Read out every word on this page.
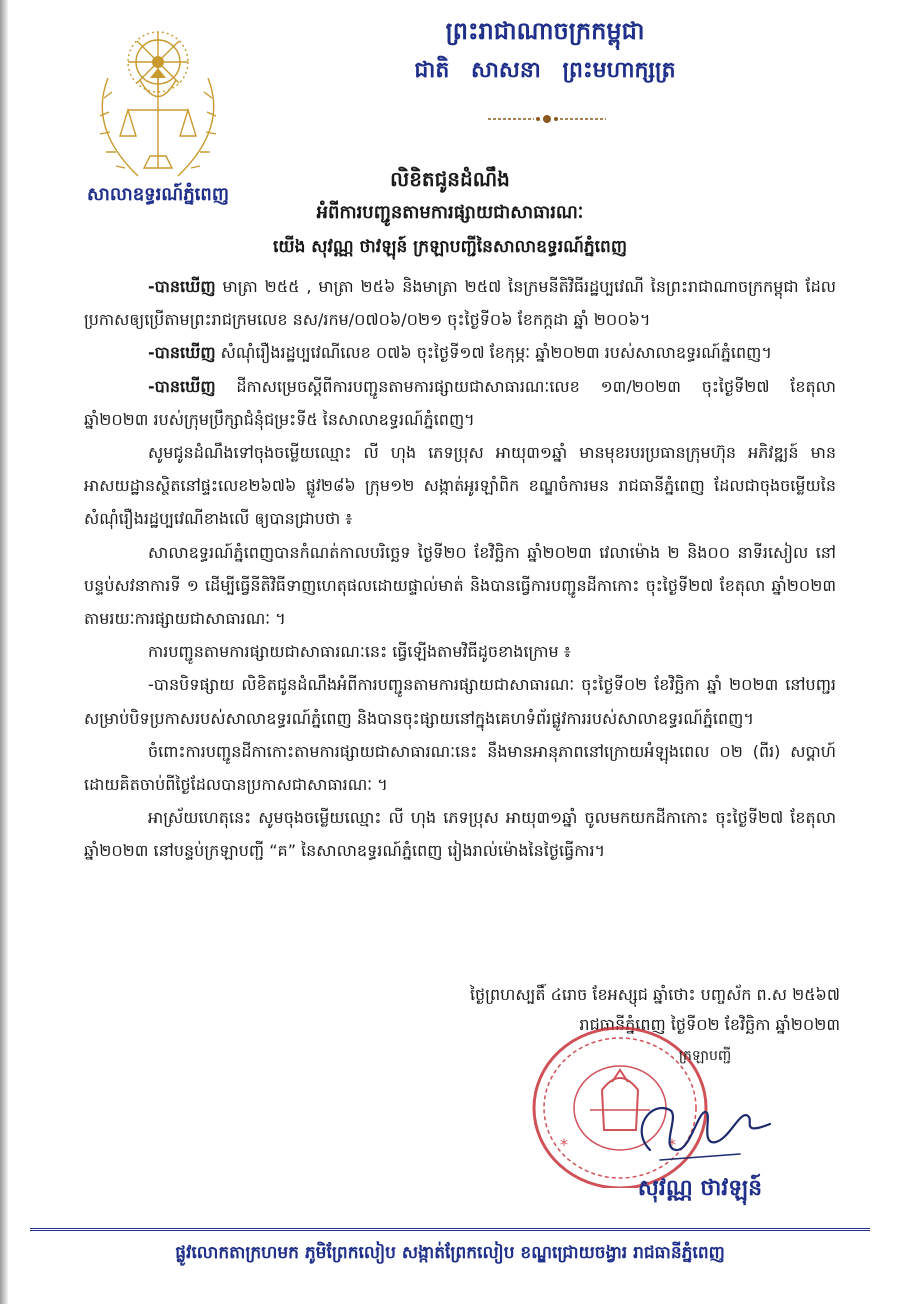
សាលាឧទ្ធរណ៍ភ្នំពេញ
ព្រះរាជាណាចក្រកម្ពុជា
ជាតិ សាសនា ព្រះមហាក្សត្រ
លិខិតជូនដំណឹង
អំពីការបញ្ជូនតាមការផ្សាយជាសាធារណៈ
យើង សុវណ្ណ ថាវឡុន៍ ក្រឡាបញ្ជីនៃសាលាឧទ្ធរណ៍ភ្នំពេញ

-បានឃើញ មាត្រា ២៥៥ , មាត្រា ២៥៦ និងមាត្រា ២៥៧ នៃក្រមនីតិវិធីរដ្ឋប្បវេណី នៃព្រះរាជាណាចក្រកម្ពុជា ដែលប្រកាសឲ្យប្រើតាមព្រះរាជក្រមលេខ នស/រកម/០៧០៦/០២១ ចុះថ្ងៃទី០៦ ខែកក្កដា ឆ្នាំ ២០០៦។

-បានឃើញ សំណុំរឿងរដ្ឋប្បវេណីលេខ ០៧៦ ចុះថ្ងៃទី១៧ ខែកុម្ភៈ ឆ្នាំ២០២៣ របស់សាលាឧទ្ធរណ៍ភ្នំពេញ។

-បានឃើញ ដីកាសម្រេចស្តីពីការបញ្ជូនតាមការផ្សាយជាសាធារណៈលេខ ១៣/២០២៣ ចុះថ្ងៃទី២៧ ខែតុលា ឆ្នាំ២០២៣ របស់ក្រុមប្រឹក្សាជំនុំជម្រះទី៥ នៃសាលាឧទ្ធរណ៍ភ្នំពេញ។

សូមជូនដំណឹងទៅចុងចម្លើយឈ្មោះ លី ហុង ភេទប្រុស អាយុ៣១ឆ្នាំ មានមុខរបរប្រធានក្រុមហ៊ុន អភិវឌ្ឍន៍ មានអាសយដ្ឋានស្ថិតនៅផ្ទះលេខ២៦៧៦ ផ្លូវ២៨៦ ក្រុម១២ សង្កាត់អូរឡាំពិក ខណ្ឌចំការមន រាជធានីភ្នំពេញ ដែលជាចុងចម្លើយនៃសំណុំរឿងរដ្ឋប្បវេណីខាងលើ ឲ្យបានជ្រាបថា ៖

សាលាឧទ្ធរណ៍ភ្នំពេញបានកំណត់កាលបរិច្ឆេទ ថ្ងៃទី២០ ខែវិច្ឆិកា ឆ្នាំ២០២៣ វេលាម៉ោង ២ និង០០ នាទីរសៀល នៅបន្ទប់សវនាការទី ១ ដើម្បីធ្វើនីតិវិធីទាញហេតុផលដោយផ្ទាល់មាត់ និងបានធ្វើការបញ្ជូនដីកាកោះ ចុះថ្ងៃទី២៧ ខែតុលា ឆ្នាំ២០២៣ តាមរយៈការផ្សាយជាសាធារណៈ ។

ការបញ្ជូនតាមការផ្សាយជាសាធារណៈនេះ ធ្វើឡើងតាមវិធីដូចខាងក្រោម ៖

-បានបិទផ្សាយ លិខិតជូនដំណឹងអំពីការបញ្ជូនតាមការផ្សាយជាសាធារណៈ ចុះថ្ងៃទី០២ ខែវិច្ឆិកា ឆ្នាំ ២០២៣ នៅបញ្ជរសម្រាប់បិទប្រកាសរបស់សាលាឧទ្ធរណ៍ភ្នំពេញ និងបានចុះផ្សាយនៅក្នុងគេហទំព័រផ្លូវការរបស់សាលាឧទ្ធរណ៍ភ្នំពេញ។

ចំពោះការបញ្ជូនដីកាកោះតាមការផ្សាយជាសាធារណៈនេះ នឹងមានអានុភាពនៅក្រោយអំឡុងពេល ០២ (ពីរ) សប្តាហ៍ ដោយគិតចាប់ពីថ្ងៃដែលបានប្រកាសជាសាធារណៈ ។

អាស្រ័យហេតុនេះ សូមចុងចម្លើយឈ្មោះ លី ហុង ភេទប្រុស អាយុ៣១ឆ្នាំ ចូលមកយកដីកាកោះ ចុះថ្ងៃទី២៧ ខែតុលា ឆ្នាំ២០២៣ នៅបន្ទប់ក្រឡាបញ្ជី “គ” នៃសាលាឧទ្ធរណ៍ភ្នំពេញ រៀងរាល់ម៉ោងនៃថ្ងៃធ្វើការ។

ថ្ងៃព្រហស្បតិ៍ ៤រោច ខែអស្សុជ ឆ្នាំថោះ បញ្ចស័ក ព.ស ២៥៦៧
រាជធានីភ្នំពេញ ថ្ងៃទី០២ ខែវិច្ឆិកា ឆ្នាំ២០២៣
*	*
ក្រឡាបញ្ជី
សុវណ្ណ ថាវឡុន៍
ផ្លូវលោកតាក្រហមក ភូមិព្រែកលៀប សង្កាត់ព្រែកលៀប ខណ្ឌជ្រោយចង្វារ រាជធានីភ្នំពេញ
